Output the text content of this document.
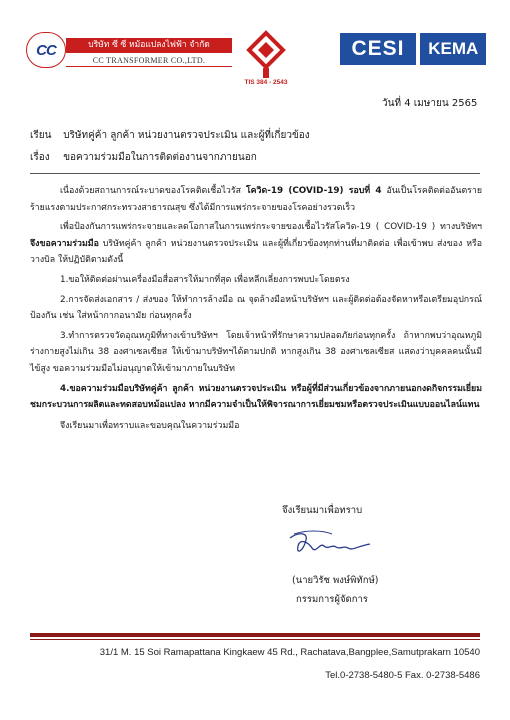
CC	บริษัท ซี ซี หม้อแปลงไฟฟ้า จำกัด
CC TRANSFORMER CO.,LTD.
TIS 384 - 2543
CESI	KEMA
วันที่ 4 เมษายน 2565
เรียน บริษัทคู่ค้า ลูกค้า หน่วยงานตรวจประเมิน และผู้ที่เกี่ยวข้อง
เรื่อง ขอความร่วมมือในการติดต่องานจากภายนอก

เนื่องด้วยสถานการณ์ระบาดของโรคติดเชื้อไวรัส โควิด-19 (COVID-19) รอบที่ 4 อันเป็นโรคติดต่ออันตรายร้ายแรงตามประกาศกระทรวงสาธารณสุข ซึ่งได้มีการแพร่กระจายของโรคอย่างรวดเร็ว

เพื่อป้องกันการแพร่กระจายและลดโอกาสในการแพร่กระจายของเชื้อไวรัสโควิด-19 ( COVID-19 ) ทางบริษัทฯ จึงขอความร่วมมือ บริษัทคู่ค้า ลูกค้า หน่วยงานตรวจประเมิน และผู้ที่เกี่ยวข้องทุกท่านที่มาติดต่อ เพื่อเข้าพบ ส่งของ หรือวางบิล ให้ปฏิบัติตามดังนี้

1.ขอให้ติดต่อผ่านเครื่องมือสื่อสารให้มากที่สุด เพื่อหลีกเลี่ยงการพบปะโดยตรง

2.การจัดส่งเอกสาร / ส่งของ ให้ทำการล้างมือ ณ จุดล้างมือหน้าบริษัทฯ และผู้ติดต่อต้องจัดหาหรือเตรียมอุปกรณ์ป้องกัน เช่น ใส่หน้ากากอนามัย ก่อนทุกครั้ง

3.ทำการตรวจวัดอุณหภูมิที่ทางเข้าบริษัทฯ โดยเจ้าหน้าที่รักษาความปลอดภัยก่อนทุกครั้ง ถ้าหากพบว่าอุณหภูมิร่างกายสูงไม่เกิน 38 องศาเซลเซียส ให้เข้ามาบริษัทฯได้ตามปกติ หากสูงเกิน 38 องศาเซลเซียส แสดงว่าบุคคลคนนั้นมีไข้สูง ขอความร่วมมือไม่อนุญาตให้เข้ามาภายในบริษัท

4.ขอความร่วมมือบริษัทคู่ค้า ลูกค้า หน่วยงานตรวจประเมิน หรือผู้ที่มีส่วนเกี่ยวข้องจากภายนอกงดกิจกรรมเยี่ยมชมกระบวนการผลิตและทดสอบหม้อแปลง หากมีความจำเป็นให้พิจารณาการเยี่ยมชมหรือตรวจประเมินแบบออนไลน์แทน

จึงเรียนมาเพื่อทราบและขอบคุณในความร่วมมือ

จึงเรียนมาเพื่อทราบ
(นายวิรัช พงษ์พิทักษ์)
กรรมการผู้จัดการ
31/1 M. 15 Soi Ramapattana Kingkaew 45 Rd., Rachatava,Bangplee,Samutprakarn 10540
Tel.0-2738-5480-5 Fax. 0-2738-5486
